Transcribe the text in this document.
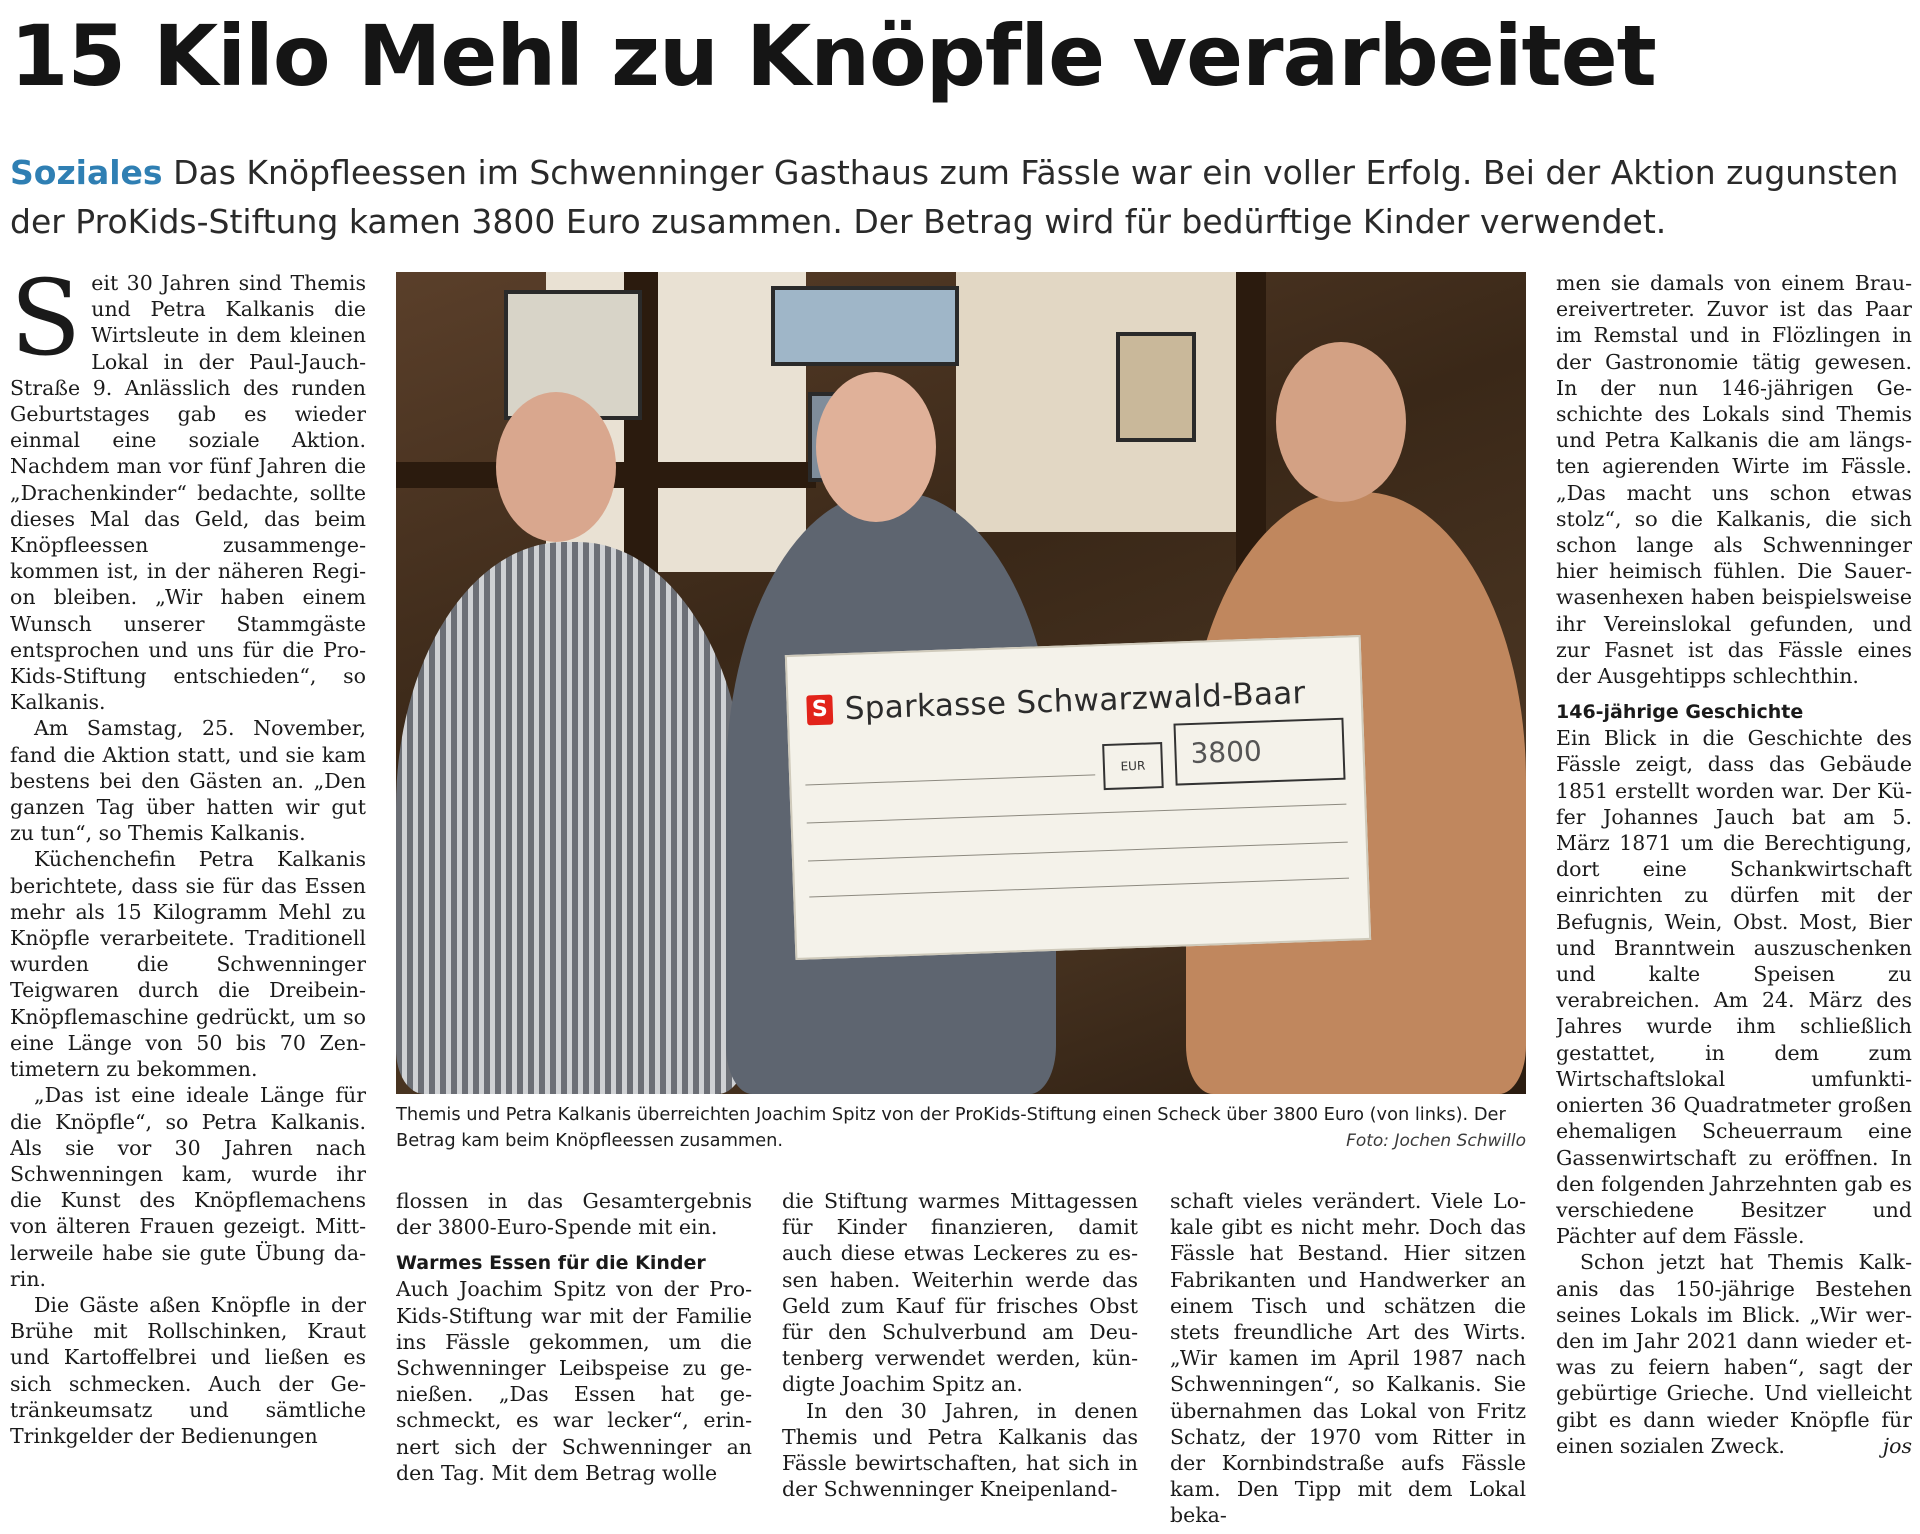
15 Kilo Mehl zu Knöpfle verarbeitet
Soziales Das Knöpfleessen im Schwenninger Gasthaus zum Fässle war ein voller Erfolg. Bei der Aktion zugunsten der ProKids-Stiftung kamen 3800 Euro zusammen. Der Betrag wird für bedürftige Kinder verwendet.

Seit 30 Jahren sind Themis und Petra Kalkanis die Wirtsleute in dem kleinen Lokal in der Paul-Jauch-Straße 9. Anlässlich des runden Geburtstages gab es wieder einmal eine soziale Aktion. Nachdem man vor fünf Jahren die „Drachenkinder“ bedachte, sollte dieses Mal das Geld, das beim Knöpfleessen zusammengekommen ist, in der näheren Region bleiben. „Wir haben einem Wunsch unserer Stammgäste entsprochen und uns für die ProKids-Stiftung entschieden“, so Kalkanis.

Am Samstag, 25. November, fand die Aktion statt, und sie kam bestens bei den Gästen an. „Den ganzen Tag über hatten wir gut zu tun“, so Themis Kalkanis.

Küchenchefin Petra Kalkanis berichtete, dass sie für das Essen mehr als 15 Kilogramm Mehl zu Knöpfle verarbeitete. Traditionell wurden die Schwenninger Teigwaren durch die Dreibein-Knöpflemaschine gedrückt, um so eine Länge von 50 bis 70 Zentimetern zu bekommen.

„Das ist eine ideale Länge für die Knöpfle“, so Petra Kalkanis. Als sie vor 30 Jahren nach Schwenningen kam, wurde ihr die Kunst des Knöpflemachens von älteren Frauen gezeigt. Mittlerweile habe sie gute Übung darin.

Die Gäste aßen Knöpfle in der Brühe mit Rollschinken, Kraut und Kartoffelbrei und ließen es sich schmecken. Auch der Getränkeumsatz und sämtliche Trinkgelder der Bedienungen

S Sparkasse Schwarzwald-Baar
EUR	3800
Themis und Petra Kalkanis überreichten Joachim Spitz von der ProKids-Stiftung einen Scheck über 3800 Euro (von links). Der Betrag kam beim Knöpfleessen zusammen.	Foto: Jochen Schwillo

flossen in das Gesamtergebnis der 3800-Euro-Spende mit ein.

Warmes Essen für die Kinder

Auch Joachim Spitz von der ProKids-Stiftung war mit der Familie ins Fässle gekommen, um die Schwenninger Leibspeise zu genießen. „Das Essen hat geschmeckt, es war lecker“, erinnert sich der Schwenninger an den Tag. Mit dem Betrag wolle

die Stiftung warmes Mittagessen für Kinder finanzieren, damit auch diese etwas Leckeres zu essen haben. Weiterhin werde das Geld zum Kauf für frisches Obst für den Schulverbund am Deutenberg verwendet werden, kündigte Joachim Spitz an.

In den 30 Jahren, in denen Themis und Petra Kalkanis das Fässle bewirtschaften, hat sich in der Schwenninger Kneipenland-

schaft vieles verändert. Viele Lokale gibt es nicht mehr. Doch das Fässle hat Bestand. Hier sitzen Fabrikanten und Handwerker an einem Tisch und schätzen die stets freundliche Art des Wirts. „Wir kamen im April 1987 nach Schwenningen“, so Kalkanis. Sie übernahmen das Lokal von Fritz Schatz, der 1970 vom Ritter in der Kornbindstraße aufs Fässle kam. Den Tipp mit dem Lokal beka-

men sie damals von einem Brauereivertreter. Zuvor ist das Paar im Remstal und in Flözlingen in der Gastronomie tätig gewesen. In der nun 146-jährigen Geschichte des Lokals sind Themis und Petra Kalkanis die am längsten agierenden Wirte im Fässle. „Das macht uns schon etwas stolz“, so die Kalkanis, die sich schon lange als Schwenninger hier heimisch fühlen. Die Sauerwasenhexen haben beispielsweise ihr Vereinslokal gefunden, und zur Fasnet ist das Fässle eines der Ausgehtipps schlechthin.

146-jährige Geschichte

Ein Blick in die Geschichte des Fässle zeigt, dass das Gebäude 1851 erstellt worden war. Der Küfer Johannes Jauch bat am 5. März 1871 um die Berechtigung, dort eine Schankwirtschaft einrichten zu dürfen mit der Befugnis, Wein, Obst. Most, Bier und Branntwein auszuschenken und kalte Speisen zu verabreichen. Am 24. März des Jahres wurde ihm schließlich gestattet, in dem zum Wirtschaftslokal umfunktionierten 36 Quadratmeter großen ehemaligen Scheuerraum eine Gassenwirtschaft zu eröffnen. In den folgenden Jahrzehnten gab es verschiedene Besitzer und Pächter auf dem Fässle.

Schon jetzt hat Themis Kalkanis das 150-jährige Bestehen seines Lokals im Blick. „Wir werden im Jahr 2021 dann wieder etwas zu feiern haben“, sagt der gebürtige Grieche. Und vielleicht gibt es dann wieder Knöpfle für einen sozialen Zweck.	jos
